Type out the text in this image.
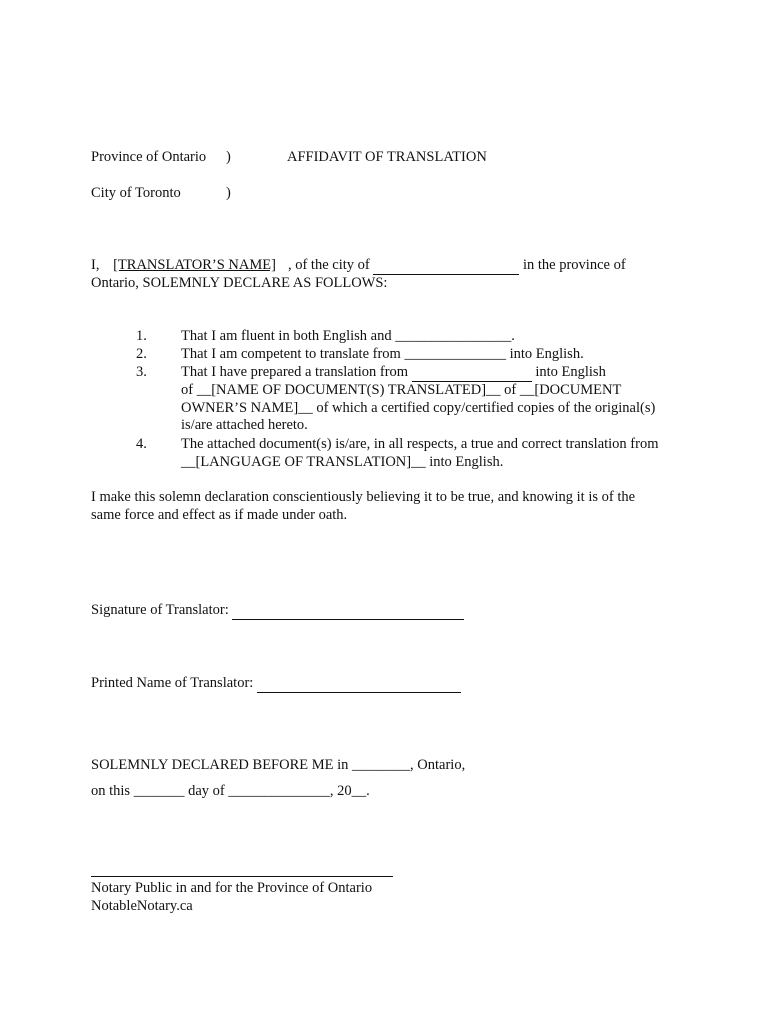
Province of Ontario )	AFFIDAVIT OF TRANSLATION
City of Toronto	)
I, [TRANSLATOR’S NAME] , of the city of	in the province of
Ontario, SOLEMNLY DECLARE AS FOLLOWS:
1. That I am fluent in both English and ________________.
2. That I am competent to translate from ______________ into English.
3. That I have prepared a translation from	into English
of __[NAME OF DOCUMENT(S) TRANSLATED]__ of __[DOCUMENT
OWNER’S NAME]__ of which a certified copy/certified copies of the original(s)
is/are attached hereto.
4. The attached document(s) is/are, in all respects, a true and correct translation from
__[LANGUAGE OF TRANSLATION]__ into English.
I make this solemn declaration conscientiously believing it to be true, and knowing it is of the
same force and effect as if made under oath.
Signature of Translator:
Printed Name of Translator:
SOLEMNLY DECLARED BEFORE ME in ________, Ontario,
on this _______ day of ______________, 20__.
Notary Public in and for the Province of Ontario
NotableNotary.ca
